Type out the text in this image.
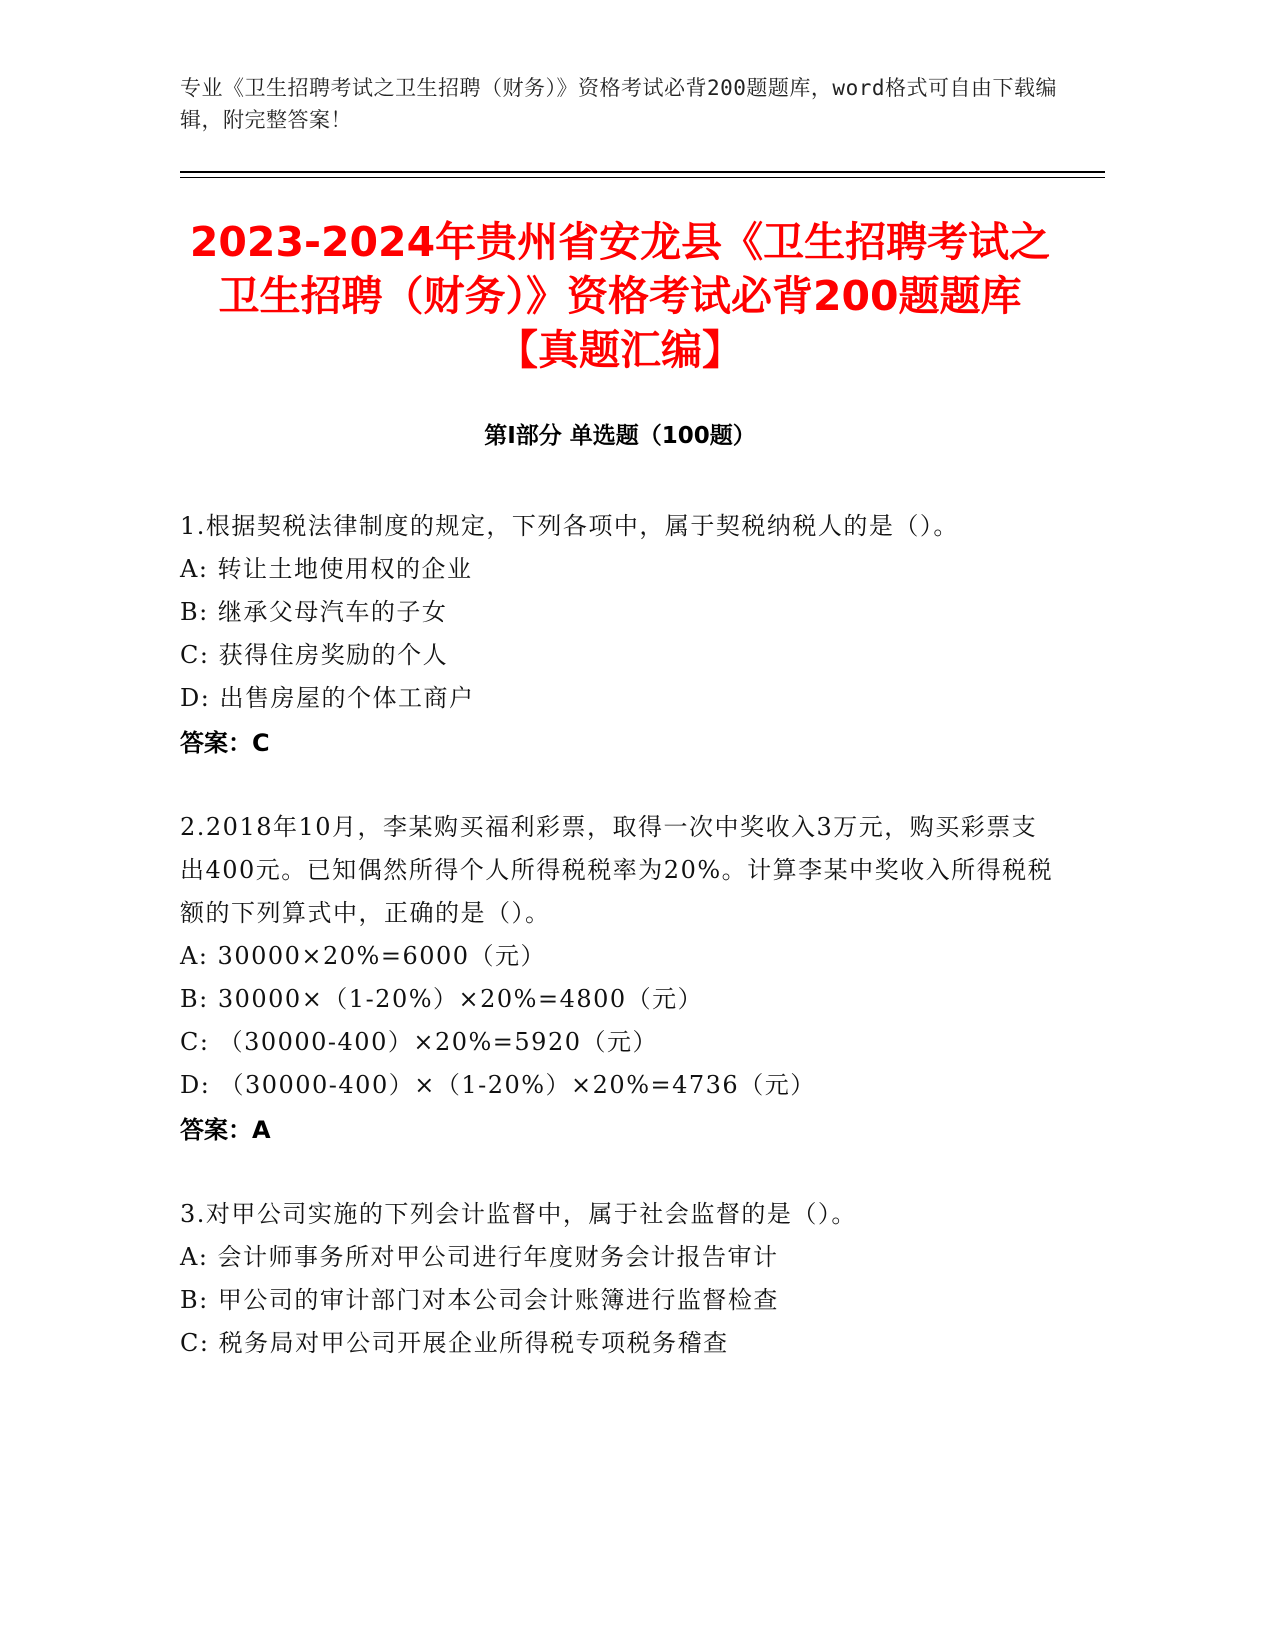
专业《卫生招聘考试之卫生招聘（财务）》资格考试必背200题题库，word格式可自由下载编辑，附完整答案！
2023-2024年贵州省安龙县《卫生招聘考试之卫生招聘（财务）》资格考试必背200题题库【真题汇编】
第Ⅰ部分 单选题（100题）
1.根据契税法律制度的规定，下列各项中，属于契税纳税人的是（）。
A: 转让土地使用权的企业
B: 继承父母汽车的子女
C: 获得住房奖励的个人
D: 出售房屋的个体工商户
答案：C
2.2018年10月，李某购买福利彩票，取得一次中奖收入3万元，购买彩票支出400元。已知偶然所得个人所得税税率为20%。计算李某中奖收入所得税税额的下列算式中，正确的是（）。
A: 30000×20%=6000（元）
B: 30000×（1-20%）×20%=4800（元）
C: （30000-400）×20%=5920（元）
D: （30000-400）×（1-20%）×20%=4736（元）
答案：A
3.对甲公司实施的下列会计监督中，属于社会监督的是（）。
A: 会计师事务所对甲公司进行年度财务会计报告审计
B: 甲公司的审计部门对本公司会计账簿进行监督检查
C: 税务局对甲公司开展企业所得税专项税务稽查
